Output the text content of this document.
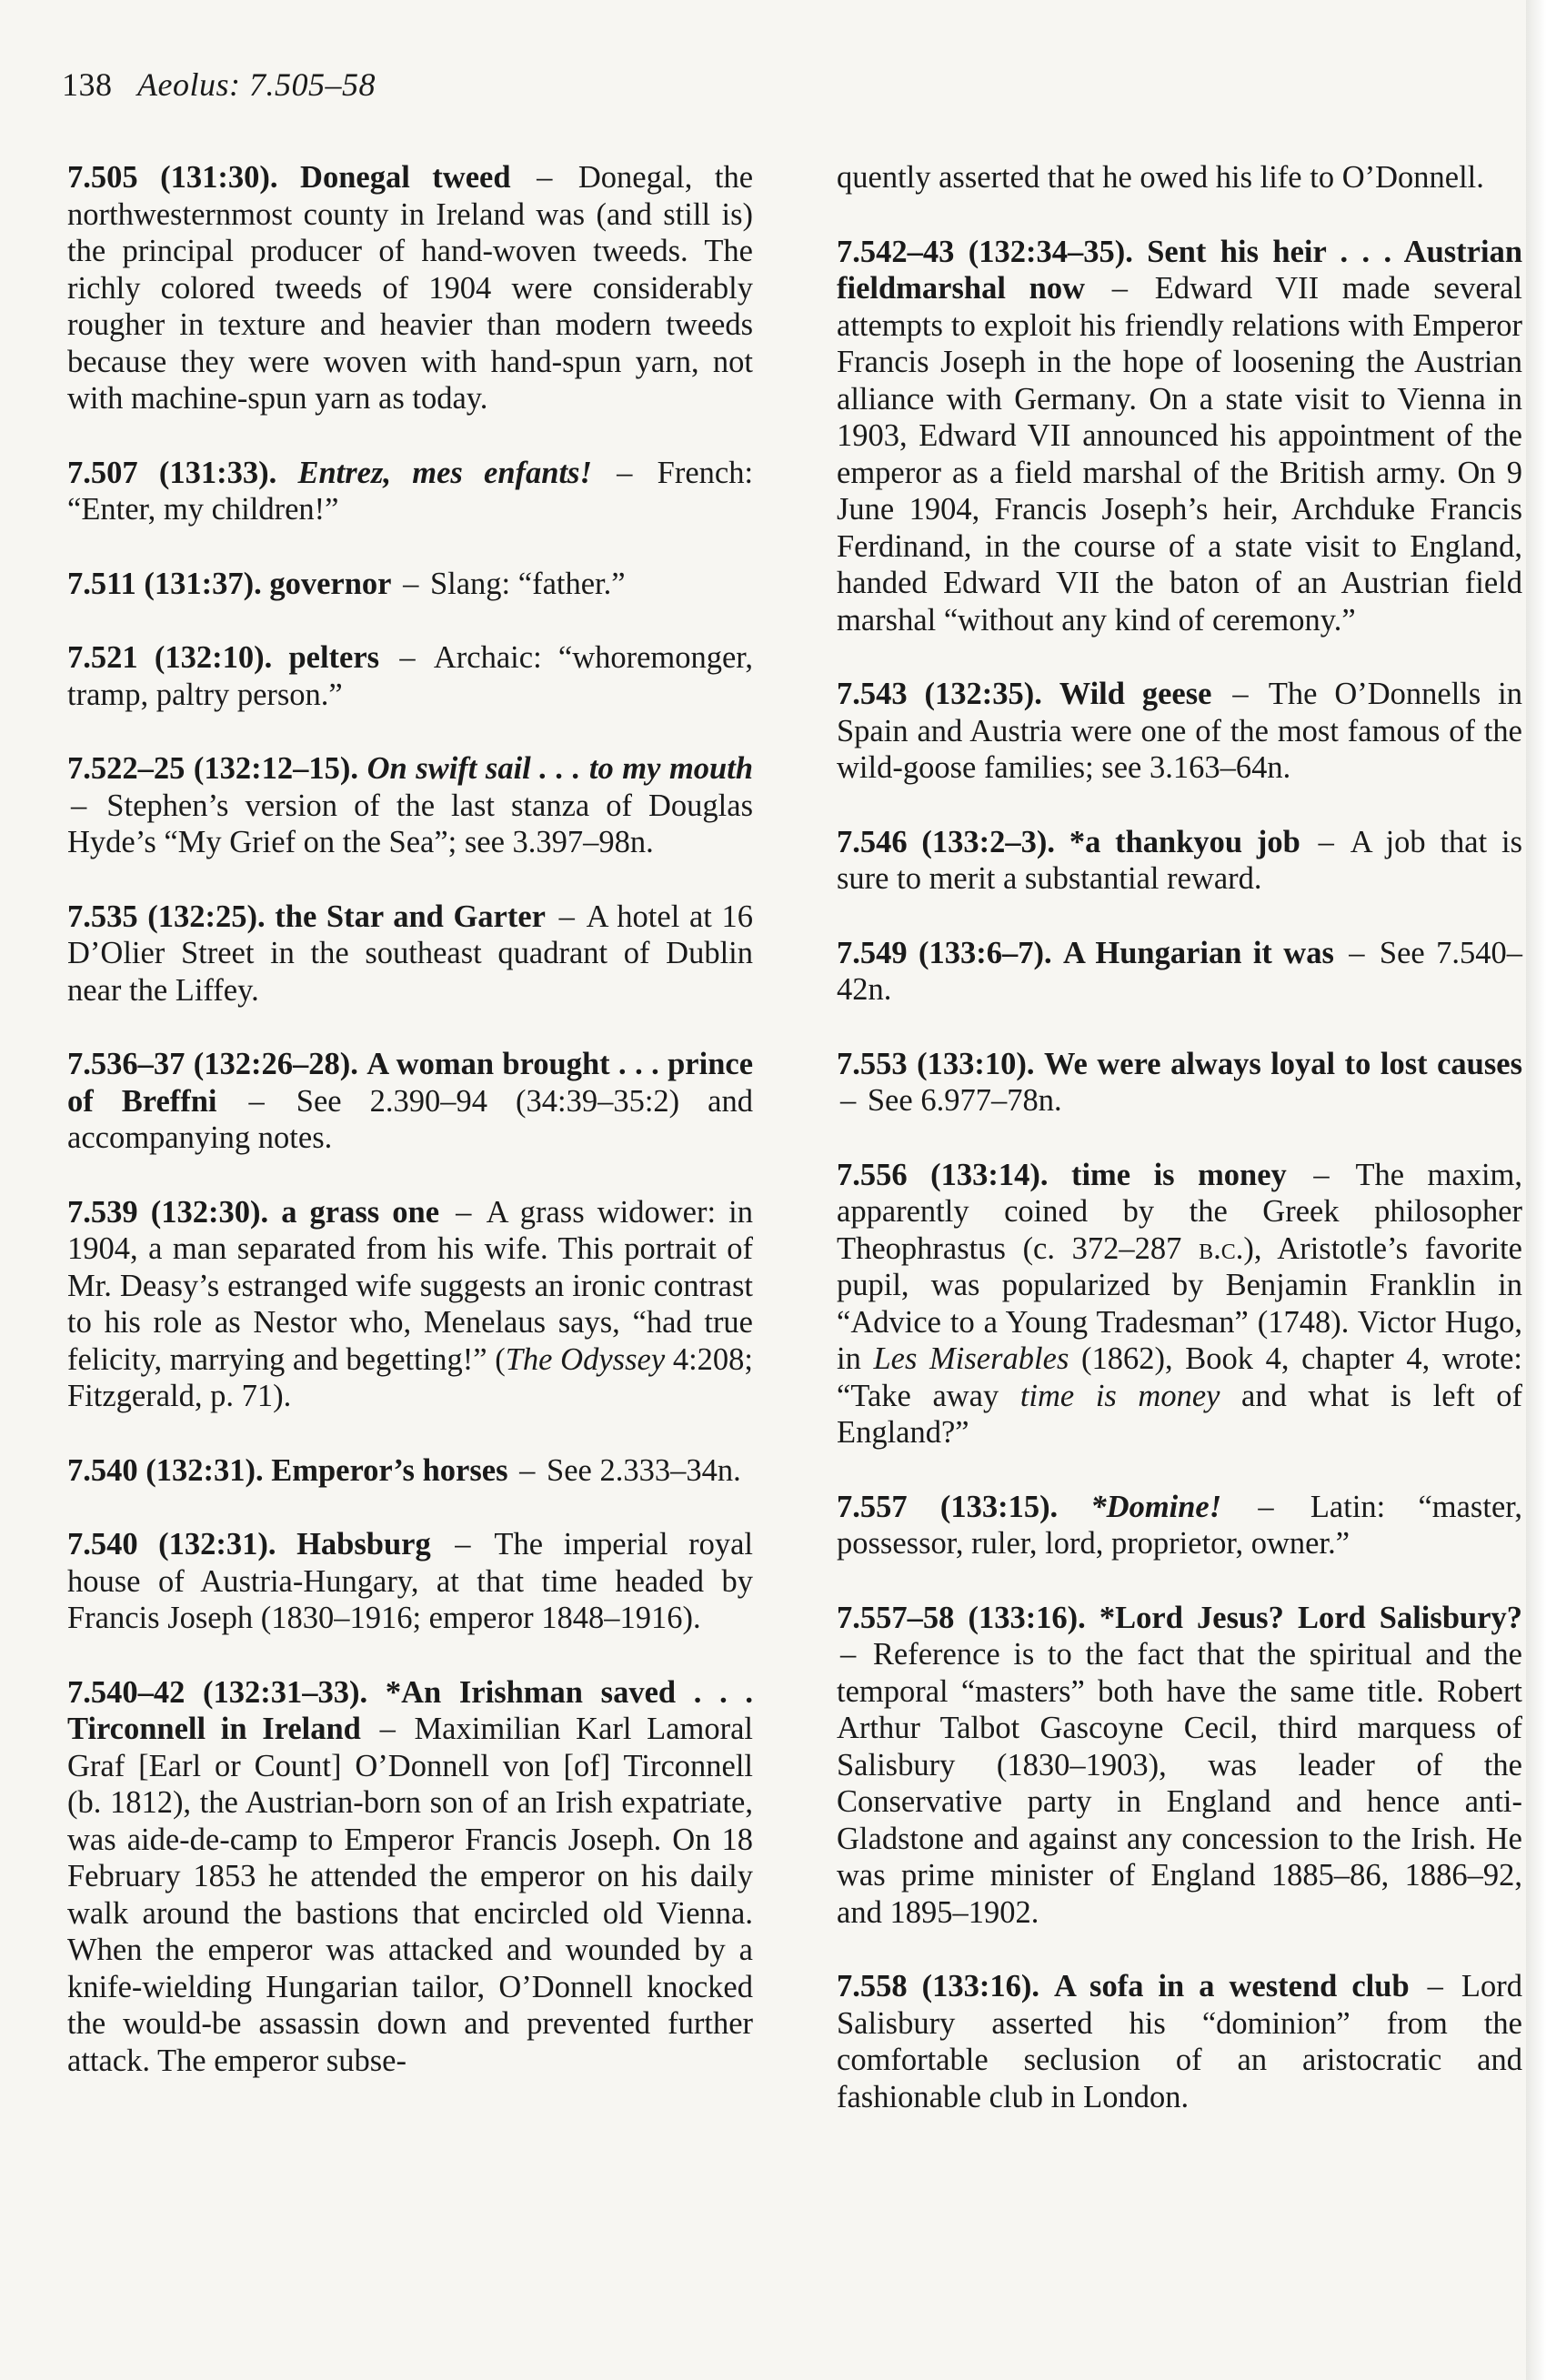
138 Aeolus: 7.505–58

7.505 (131:30). Donegal tweed – Donegal, the northwesternmost county in Ireland was (and still is) the principal producer of hand-woven tweeds. The richly colored tweeds of 1904 were considerably rougher in texture and heavier than modern tweeds because they were woven with hand-spun yarn, not with machine-spun yarn as today.

7.507 (131:33). Entrez, mes enfants! – French: “Enter, my children!”

7.511 (131:37). governor – Slang: “father.”

7.521 (132:10). pelters – Archaic: “whoremonger, tramp, paltry person.”

7.522–25 (132:12–15). On swift sail . . . to my mouth – Stephen’s version of the last stanza of Douglas Hyde’s “My Grief on the Sea”; see 3.397–98n.

7.535 (132:25). the Star and Garter – A hotel at 16 D’Olier Street in the southeast quadrant of Dublin near the Liffey.

7.536–37 (132:26–28). A woman brought . . . prince of Breffni – See 2.390–94 (34:39–35:2) and accompanying notes.

7.539 (132:30). a grass one – A grass widower: in 1904, a man separated from his wife. This portrait of Mr. Deasy’s estranged wife suggests an ironic contrast to his role as Nestor who, Menelaus says, “had true felicity, marrying and begetting!” (The Odyssey 4:208; Fitzgerald, p. 71).

7.540 (132:31). Emperor’s horses – See 2.333–34n.

7.540 (132:31). Habsburg – The imperial royal house of Austria-Hungary, at that time headed by Francis Joseph (1830–1916; emperor 1848–1916).

7.540–42 (132:31–33). *An Irishman saved . . . Tirconnell in Ireland – Maximilian Karl Lamoral Graf [Earl or Count] O’Donnell von [of] Tirconnell (b. 1812), the Austrian-born son of an Irish expatriate, was aide-de-camp to Emperor Francis Joseph. On 18 February 1853 he attended the emperor on his daily walk around the bastions that encircled old Vienna. When the emperor was attacked and wounded by a knife-wielding Hungarian tailor, O’Donnell knocked the would-be assassin down and prevented further attack. The emperor subse-

quently asserted that he owed his life to O’Donnell.

7.542–43 (132:34–35). Sent his heir . . . Austrian fieldmarshal now – Edward VII made several attempts to exploit his friendly relations with Emperor Francis Joseph in the hope of loosening the Austrian alliance with Germany. On a state visit to Vienna in 1903, Edward VII announced his appointment of the emperor as a field marshal of the British army. On 9 June 1904, Francis Joseph’s heir, Archduke Francis Ferdinand, in the course of a state visit to England, handed Edward VII the baton of an Austrian field marshal “without any kind of ceremony.”

7.543 (132:35). Wild geese – The O’Donnells in Spain and Austria were one of the most famous of the wild-goose families; see 3.163–64n.

7.546 (133:2–3). *a thankyou job – A job that is sure to merit a substantial reward.

7.549 (133:6–7). A Hungarian it was – See 7.540–42n.

7.553 (133:10). We were always loyal to lost causes – See 6.977–78n.

7.556 (133:14). time is money – The maxim, apparently coined by the Greek philosopher Theophrastus (c. 372–287 b.c.), Aristotle’s favorite pupil, was popularized by Benjamin Franklin in “Advice to a Young Tradesman” (1748). Victor Hugo, in Les Miserables (1862), Book 4, chapter 4, wrote: “Take away time is money and what is left of England?”

7.557 (133:15). *Domine! – Latin: “master, possessor, ruler, lord, proprietor, owner.”

7.557–58 (133:16). *Lord Jesus? Lord Salisbury? – Reference is to the fact that the spiritual and the temporal “masters” both have the same title. Robert Arthur Talbot Gascoyne Cecil, third marquess of Salisbury (1830–1903), was leader of the Conservative party in England and hence anti-Gladstone and against any concession to the Irish. He was prime minister of England 1885–86, 1886–92, and 1895–1902.

7.558 (133:16). A sofa in a westend club – Lord Salisbury asserted his “dominion” from the comfortable seclusion of an aristocratic and fashionable club in London.
